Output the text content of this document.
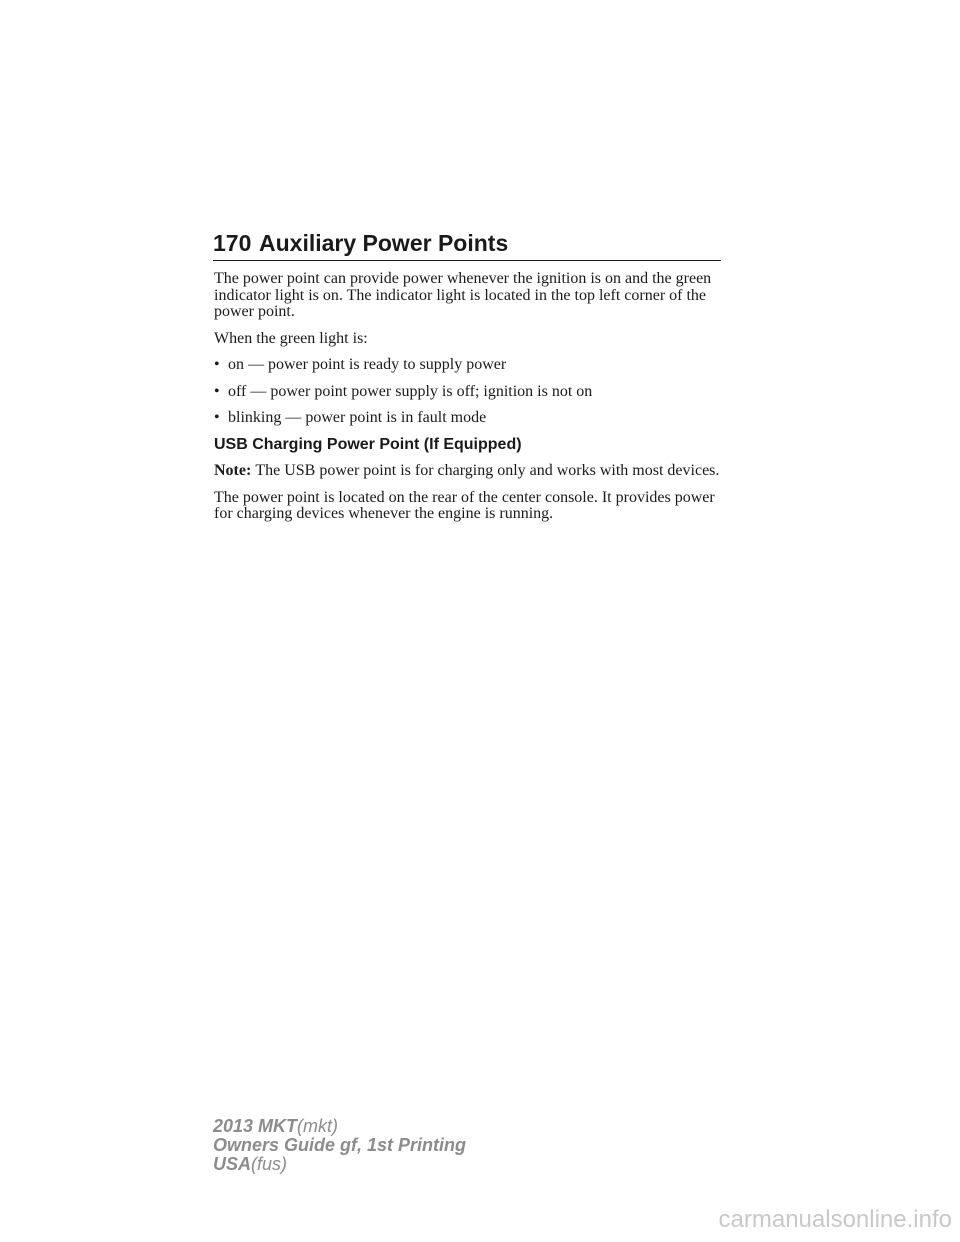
170 Auxiliary Power Points

The power point can provide power whenever the ignition is on and the green indicator light is on. The indicator light is located in the top left corner of the power point.

When the green light is:

• on — power point is ready to supply power
• off — power point power supply is off; ignition is not on
• blinking — power point is in fault mode
USB Charging Power Point (If Equipped)

Note: The USB power point is for charging only and works with most devices.

The power point is located on the rear of the center console. It provides power for charging devices whenever the engine is running.

2013 MKT(mkt)
Owners Guide gf, 1st Printing
USA(fus)
carmanualsonline.info
